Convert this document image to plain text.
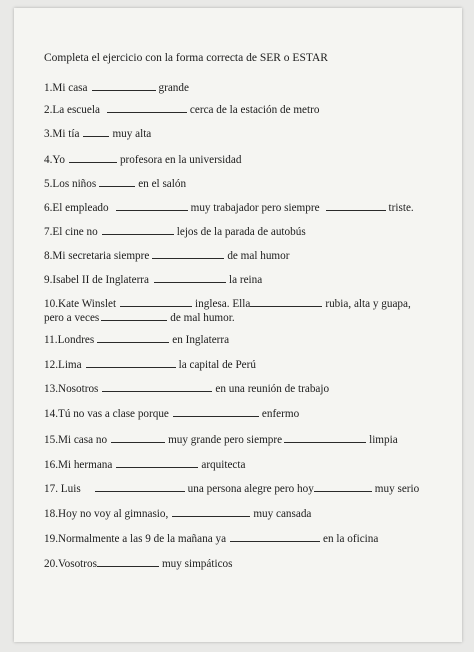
Completa el ejercicio con la forma correcta de SER o ESTAR
1.Mi casa	grande
2.La escuela	cerca de la estación de metro
3.Mi tía	muy alta
4.Yo	profesora en la universidad
5.Los niños	en el salón
6.El empleado	muy trabajador pero siempre	triste.
7.El cine no	lejos de la parada de autobús
8.Mi secretaria siempre	de mal humor
9.Isabel II de Inglaterra	la reina
10.Kate Winslet	inglesa. Ella	rubia, alta y guapa,
pero a veces	de mal humor.
11.Londres	en Inglaterra
12.Lima	la capital de Perú
13.Nosotros	en una reunión de trabajo
14.Tú no vas a clase porque	enfermo
15.Mi casa no	muy grande pero siempre	limpia
16.Mi hermana	arquitecta
17. Luis	una persona alegre pero hoy	muy serio
18.Hoy no voy al gimnasio,	muy cansada
19.Normalmente a las 9 de la mañana ya	en la oficina
20.Vosotros	muy simpáticos
